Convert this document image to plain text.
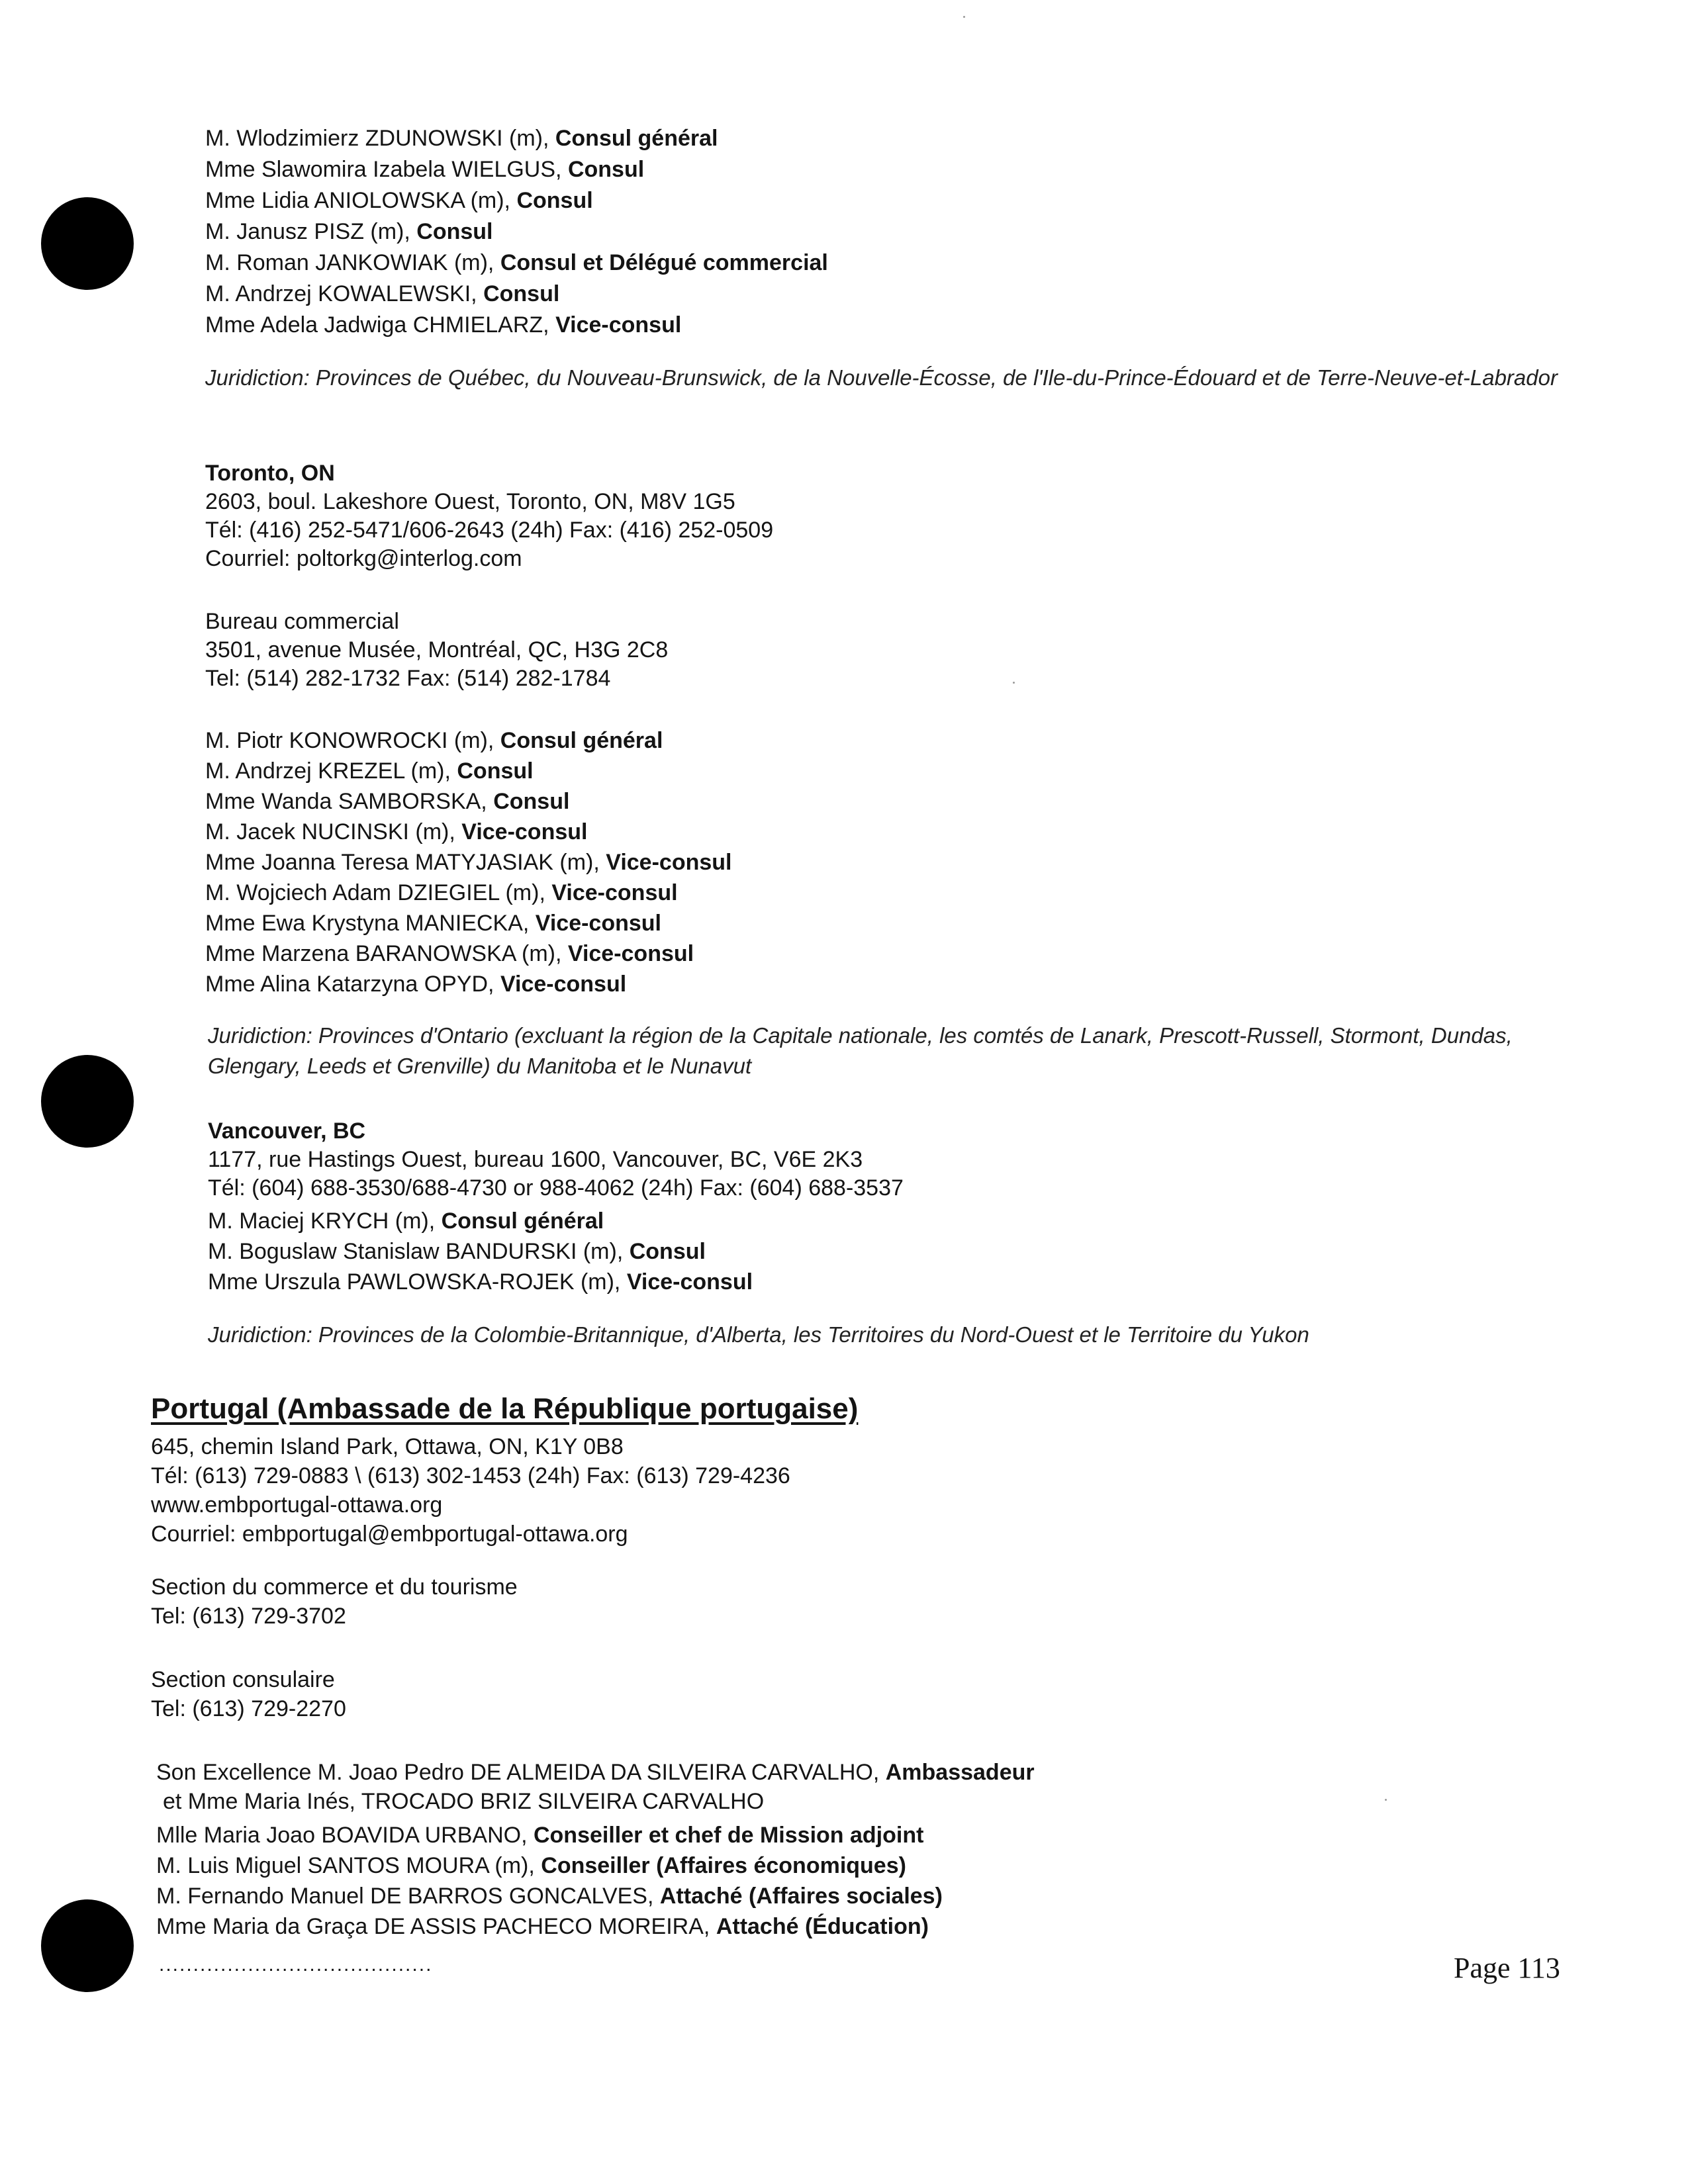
M. Wlodzimierz ZDUNOWSKI (m), Consul général
Mme Slawomira Izabela WIELGUS, Consul
Mme Lidia ANIOLOWSKA (m), Consul
M. Janusz PISZ (m), Consul
M. Roman JANKOWIAK (m), Consul et Délégué commercial
M. Andrzej KOWALEWSKI, Consul
Mme Adela Jadwiga CHMIELARZ, Vice-consul
Juridiction: Provinces de Québec, du Nouveau-Brunswick, de la Nouvelle-Écosse, de l'Ile-du-Prince-Édouard et de Terre-Neuve-et-Labrador
Toronto, ON
2603, boul. Lakeshore Ouest, Toronto, ON, M8V 1G5
Tél: (416) 252-5471/606-2643 (24h) Fax: (416) 252-0509
Courriel: poltorkg@interlog.com
Bureau commercial
3501, avenue Musée, Montréal, QC, H3G 2C8
Tel: (514) 282-1732 Fax: (514) 282-1784
M. Piotr KONOWROCKI (m), Consul général
M. Andrzej KREZEL (m), Consul
Mme Wanda SAMBORSKA, Consul
M. Jacek NUCINSKI (m), Vice-consul
Mme Joanna Teresa MATYJASIAK (m), Vice-consul
M. Wojciech Adam DZIEGIEL (m), Vice-consul
Mme Ewa Krystyna MANIECKA, Vice-consul
Mme Marzena BARANOWSKA (m), Vice-consul
Mme Alina Katarzyna OPYD, Vice-consul
Juridiction: Provinces d'Ontario (excluant la région de la Capitale nationale, les comtés de Lanark, Prescott-Russell, Stormont, Dundas, Glengary, Leeds et Grenville) du Manitoba et le Nunavut
Vancouver, BC
1177, rue Hastings Ouest, bureau 1600, Vancouver, BC, V6E 2K3
Tél: (604) 688-3530/688-4730 or 988-4062 (24h) Fax: (604) 688-3537
M. Maciej KRYCH (m), Consul général
M. Boguslaw Stanislaw BANDURSKI (m), Consul
Mme Urszula PAWLOWSKA-ROJEK (m), Vice-consul
Juridiction: Provinces de la Colombie-Britannique, d'Alberta, les Territoires du Nord-Ouest et le Territoire du Yukon
Portugal (Ambassade de la République portugaise)
645, chemin Island Park, Ottawa, ON, K1Y 0B8
Tél: (613) 729-0883 \ (613) 302-1453 (24h) Fax: (613) 729-4236
www.embportugal-ottawa.org
Courriel: embportugal@embportugal-ottawa.org
Section du commerce et du tourisme
Tel: (613) 729-3702
Section consulaire
Tel: (613) 729-2270
Son Excellence M. Joao Pedro DE ALMEIDA DA SILVEIRA CARVALHO, Ambassadeur
et Mme Maria Inés, TROCADO BRIZ SILVEIRA CARVALHO
Mlle Maria Joao BOAVIDA URBANO, Conseiller et chef de Mission adjoint
M. Luis Miguel SANTOS MOURA (m), Conseiller (Affaires économiques)
M. Fernando Manuel DE BARROS GONCALVES, Attaché (Affaires sociales)
Mme Maria da Graça DE ASSIS PACHECO MOREIRA, Attaché (Éducation)
........................................	Page 113
